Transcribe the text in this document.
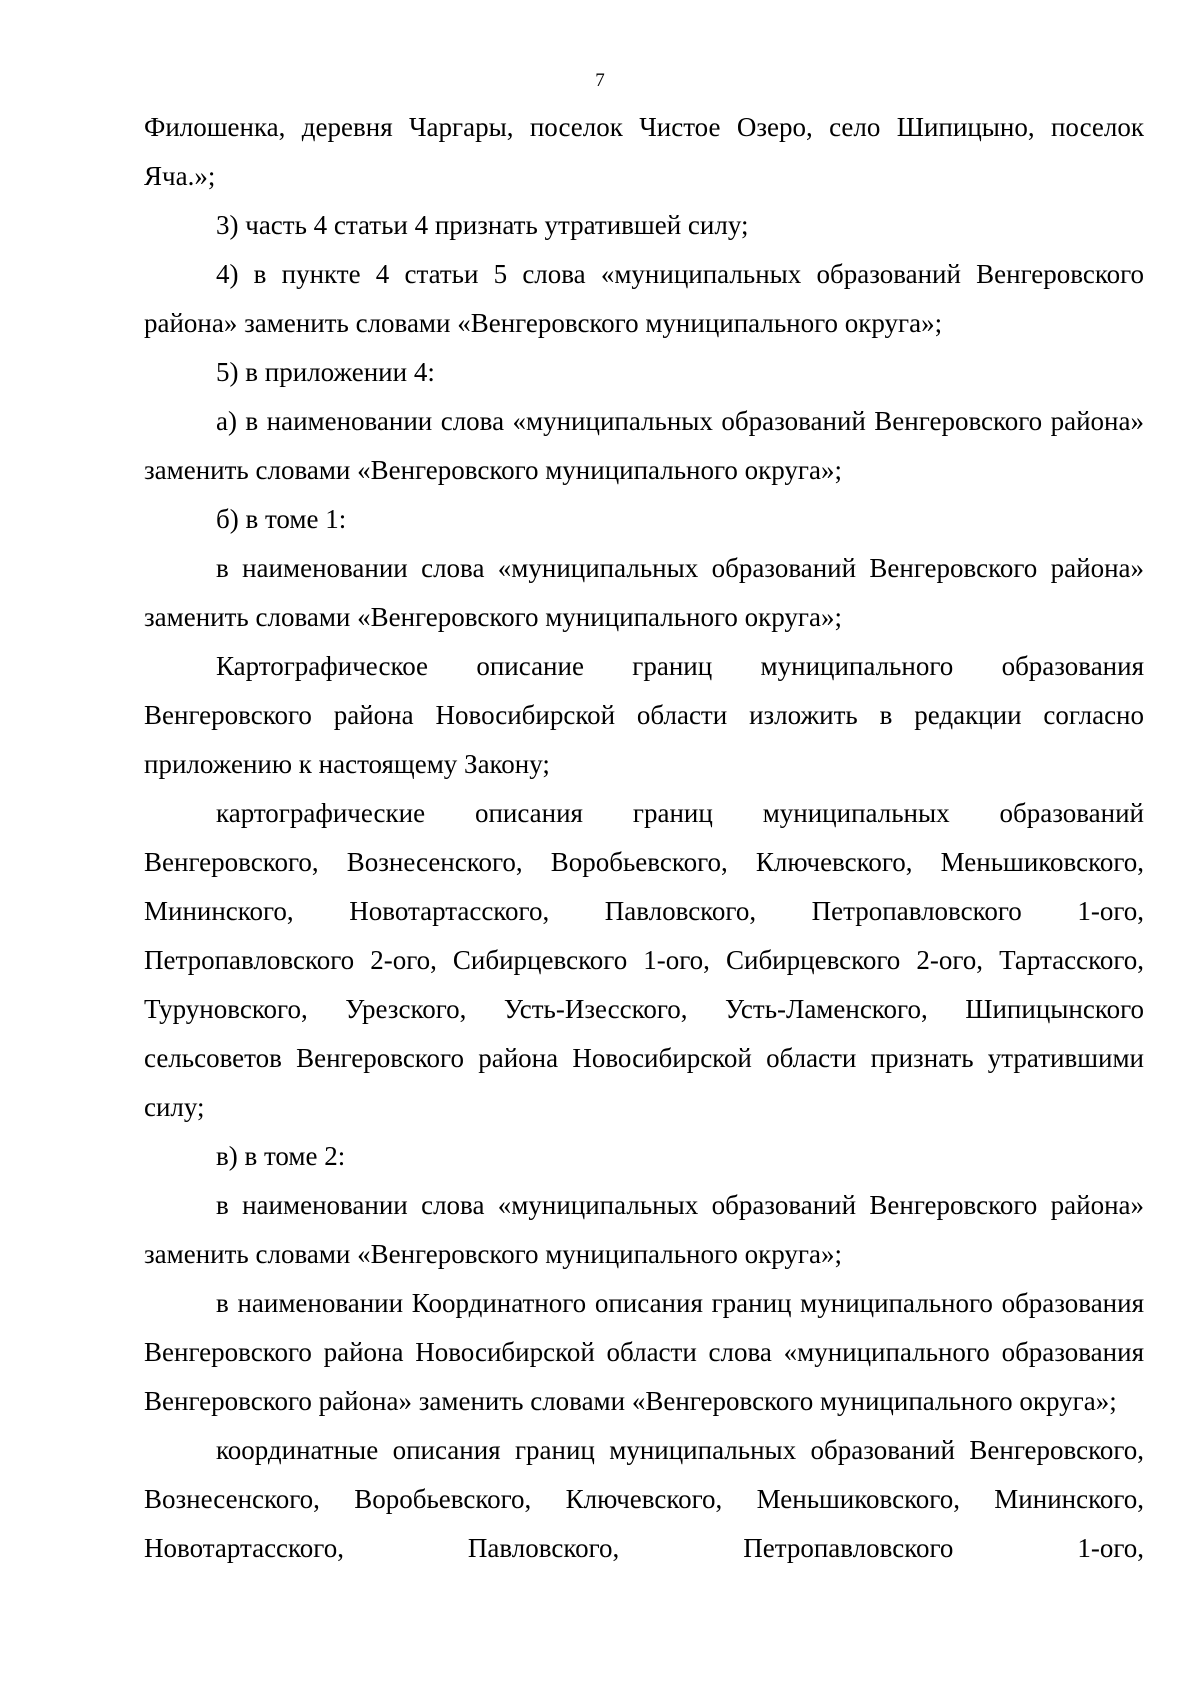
7

Филошенка, деревня Чаргары, поселок Чистое Озеро, село Шипицыно, поселок Яча.»;

3) часть 4 статьи 4 признать утратившей силу;

4) в пункте 4 статьи 5 слова «муниципальных образований Венгеровского района» заменить словами «Венгеровского муниципального округа»;

5) в приложении 4:

а) в наименовании слова «муниципальных образований Венгеровского района» заменить словами «Венгеровского муниципального округа»;

б) в томе 1:

в наименовании слова «муниципальных образований Венгеровского района» заменить словами «Венгеровского муниципального округа»;

Картографическое описание границ муниципального образования Венгеровского района Новосибирской области изложить в редакции согласно приложению к настоящему Закону;

картографические описания границ муниципальных образований Венгеровского, Вознесенского, Воробьевского, Ключевского, Меньшиковского, Мининского, Новотартасского, Павловского, Петропавловского 1-ого, Петропавловского 2-ого, Сибирцевского 1-ого, Сибирцевского 2-ого, Тартасского, Туруновского, Урезского, Усть-Изесского, Усть-Ламенского, Шипицынского сельсоветов Венгеровского района Новосибирской области признать утратившими силу;

в) в томе 2:

в наименовании слова «муниципальных образований Венгеровского района» заменить словами «Венгеровского муниципального округа»;

в наименовании Координатного описания границ муниципального образования Венгеровского района Новосибирской области слова «муниципального образования Венгеровского района» заменить словами «Венгеровского муниципального округа»;

координатные описания границ муниципальных образований Венгеровского, Вознесенского, Воробьевского, Ключевского, Меньшиковского, Мининского, Новотартасского, Павловского, Петропавловского 1-ого,
